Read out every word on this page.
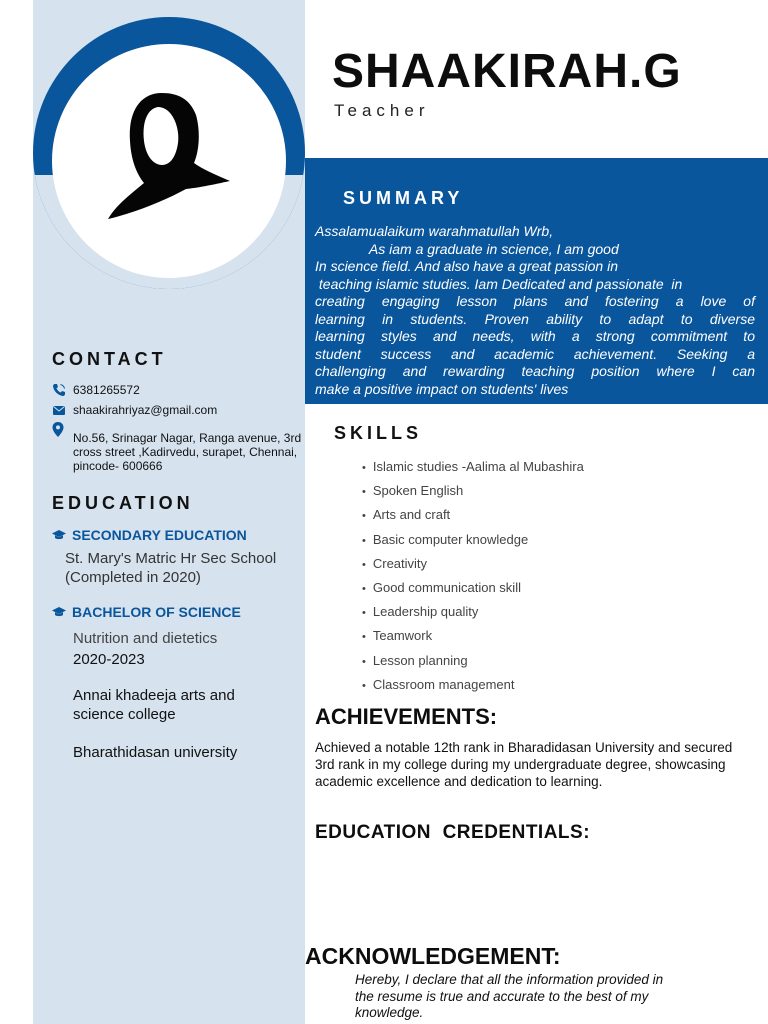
SHAAKIRAH.G
Teacher
SUMMARY
Assalamualaikum warahmatullah Wrb,
As iam a graduate in science, I am good
In science field. And also have a great passion in
teaching islamic studies. Iam Dedicated and passionate  in
creating engaging lesson plans and fostering a love of
learning in students. Proven ability to adapt to diverse
learning styles and needs, with a strong commitment to
student success and academic achievement. Seeking a
challenging and rewarding teaching position where I can
make a positive impact on students' lives
CONTACT
6381265572
shaakirahriyaz@gmail.com
No.56, Srinagar Nagar, Ranga avenue, 3rd cross street ,Kadirvedu, surapet, Chennai, pincode- 600666
EDUCATION
SECONDARY EDUCATION
St. Mary's Matric Hr Sec School
(Completed in 2020)
BACHELOR OF SCIENCE
Nutrition and dietetics
2020-2023
Annai khadeeja arts and
science college
Bharathidasan university
SKILLS
• Islamic studies -Aalima al Mubashira
• Spoken English
• Arts and craft
• Basic computer knowledge
• Creativity
• Good communication skill
• Leadership quality
• Teamwork
• Lesson planning
• Classroom management
ACHIEVEMENTS:
Achieved a notable 12th rank in Bharadidasan University and secured 3rd rank in my college during my undergraduate degree, showcasing academic excellence and dedication to learning.
EDUCATION  CREDENTIALS:
ACKNOWLEDGEMENT:
Hereby, I declare that all the information provided in the resume is true and accurate to the best of my knowledge.
